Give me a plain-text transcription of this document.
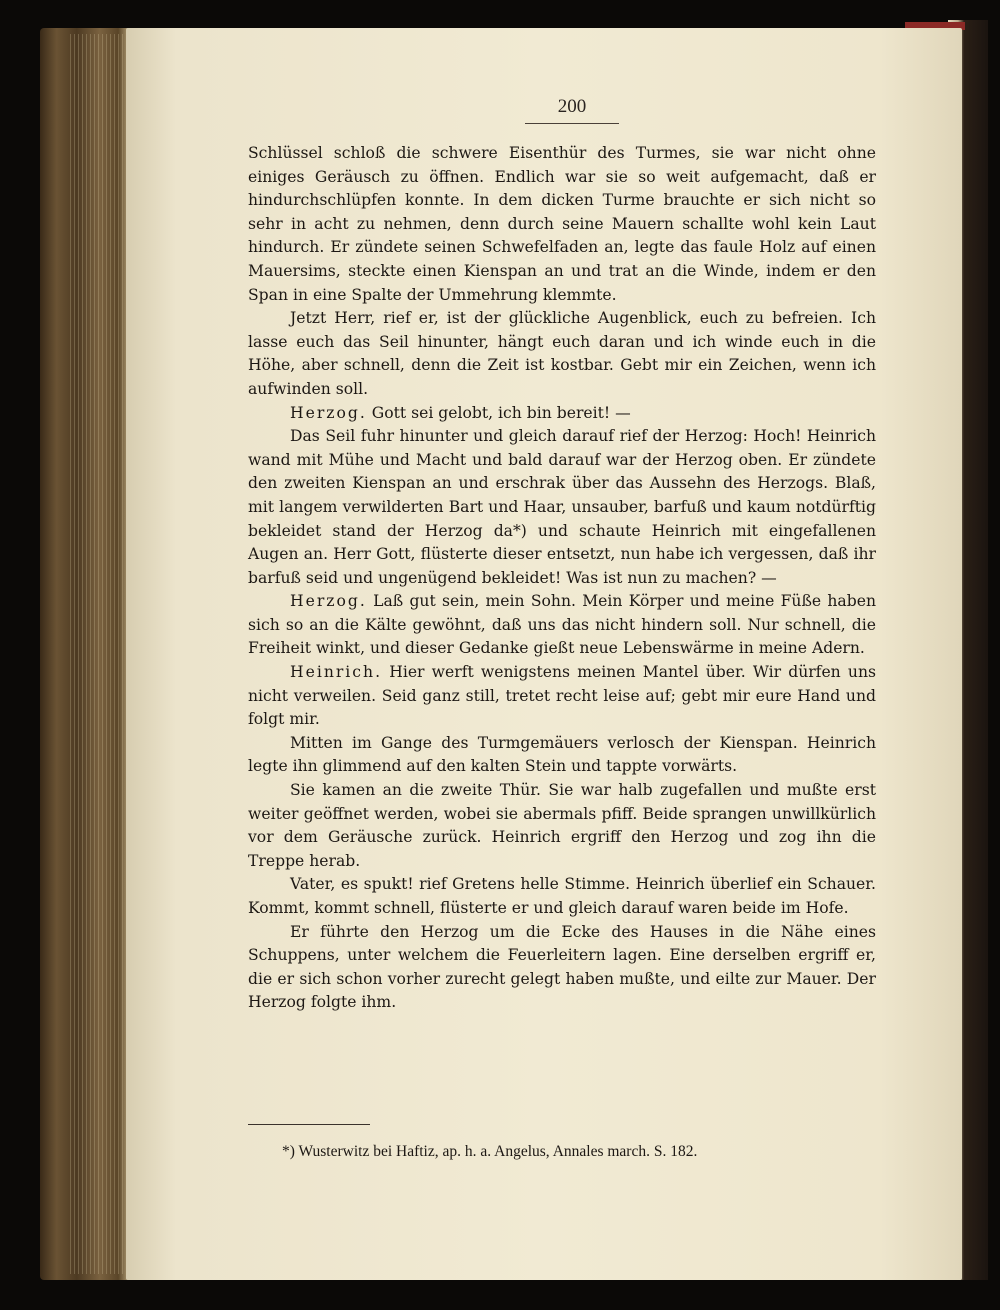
200

Schlüssel schloß die schwere Eisenthür des Turmes, sie war nicht ohne einiges Geräusch zu öffnen. Endlich war sie so weit aufgemacht, daß er hindurchschlüpfen konnte. In dem dicken Turme brauchte er sich nicht so sehr in acht zu nehmen, denn durch seine Mauern schallte wohl kein Laut hindurch. Er zündete seinen Schwefelfaden an, legte das faule Holz auf einen Mauersims, steckte einen Kienspan an und trat an die Winde, indem er den Span in eine Spalte der Ummehrung klemmte.

Jetzt Herr, rief er, ist der glückliche Augenblick, euch zu befreien. Ich lasse euch das Seil hinunter, hängt euch daran und ich winde euch in die Höhe, aber schnell, denn die Zeit ist kostbar. Gebt mir ein Zeichen, wenn ich aufwinden soll.

Herzog. Gott sei gelobt, ich bin bereit! —

Das Seil fuhr hinunter und gleich darauf rief der Herzog: Hoch! Heinrich wand mit Mühe und Macht und bald darauf war der Herzog oben. Er zündete den zweiten Kienspan an und erschrak über das Aussehn des Herzogs. Blaß, mit langem verwilderten Bart und Haar, unsauber, barfuß und kaum notdürftig bekleidet stand der Herzog da*) und schaute Heinrich mit eingefallenen Augen an. Herr Gott, flüsterte dieser entsetzt, nun habe ich vergessen, daß ihr barfuß seid und ungenügend bekleidet! Was ist nun zu machen? —

Herzog. Laß gut sein, mein Sohn. Mein Körper und meine Füße haben sich so an die Kälte gewöhnt, daß uns das nicht hindern soll. Nur schnell, die Freiheit winkt, und dieser Gedanke gießt neue Lebenswärme in meine Adern.

Heinrich. Hier werft wenigstens meinen Mantel über. Wir dürfen uns nicht verweilen. Seid ganz still, tretet recht leise auf; gebt mir eure Hand und folgt mir.

Mitten im Gange des Turmgemäuers verlosch der Kienspan. Heinrich legte ihn glimmend auf den kalten Stein und tappte vorwärts.

Sie kamen an die zweite Thür. Sie war halb zugefallen und mußte erst weiter geöffnet werden, wobei sie abermals pfiff. Beide sprangen unwillkürlich vor dem Geräusche zurück. Heinrich ergriff den Herzog und zog ihn die Treppe herab.

Vater, es spukt! rief Gretens helle Stimme. Heinrich überlief ein Schauer. Kommt, kommt schnell, flüsterte er und gleich darauf waren beide im Hofe.

Er führte den Herzog um die Ecke des Hauses in die Nähe eines Schuppens, unter welchem die Feuerleitern lagen. Eine derselben ergriff er, die er sich schon vorher zurecht gelegt haben mußte, und eilte zur Mauer. Der Herzog folgte ihm.

*) Wusterwitz bei Haftiz, ap. h. a. Angelus, Annales march. S. 182.
